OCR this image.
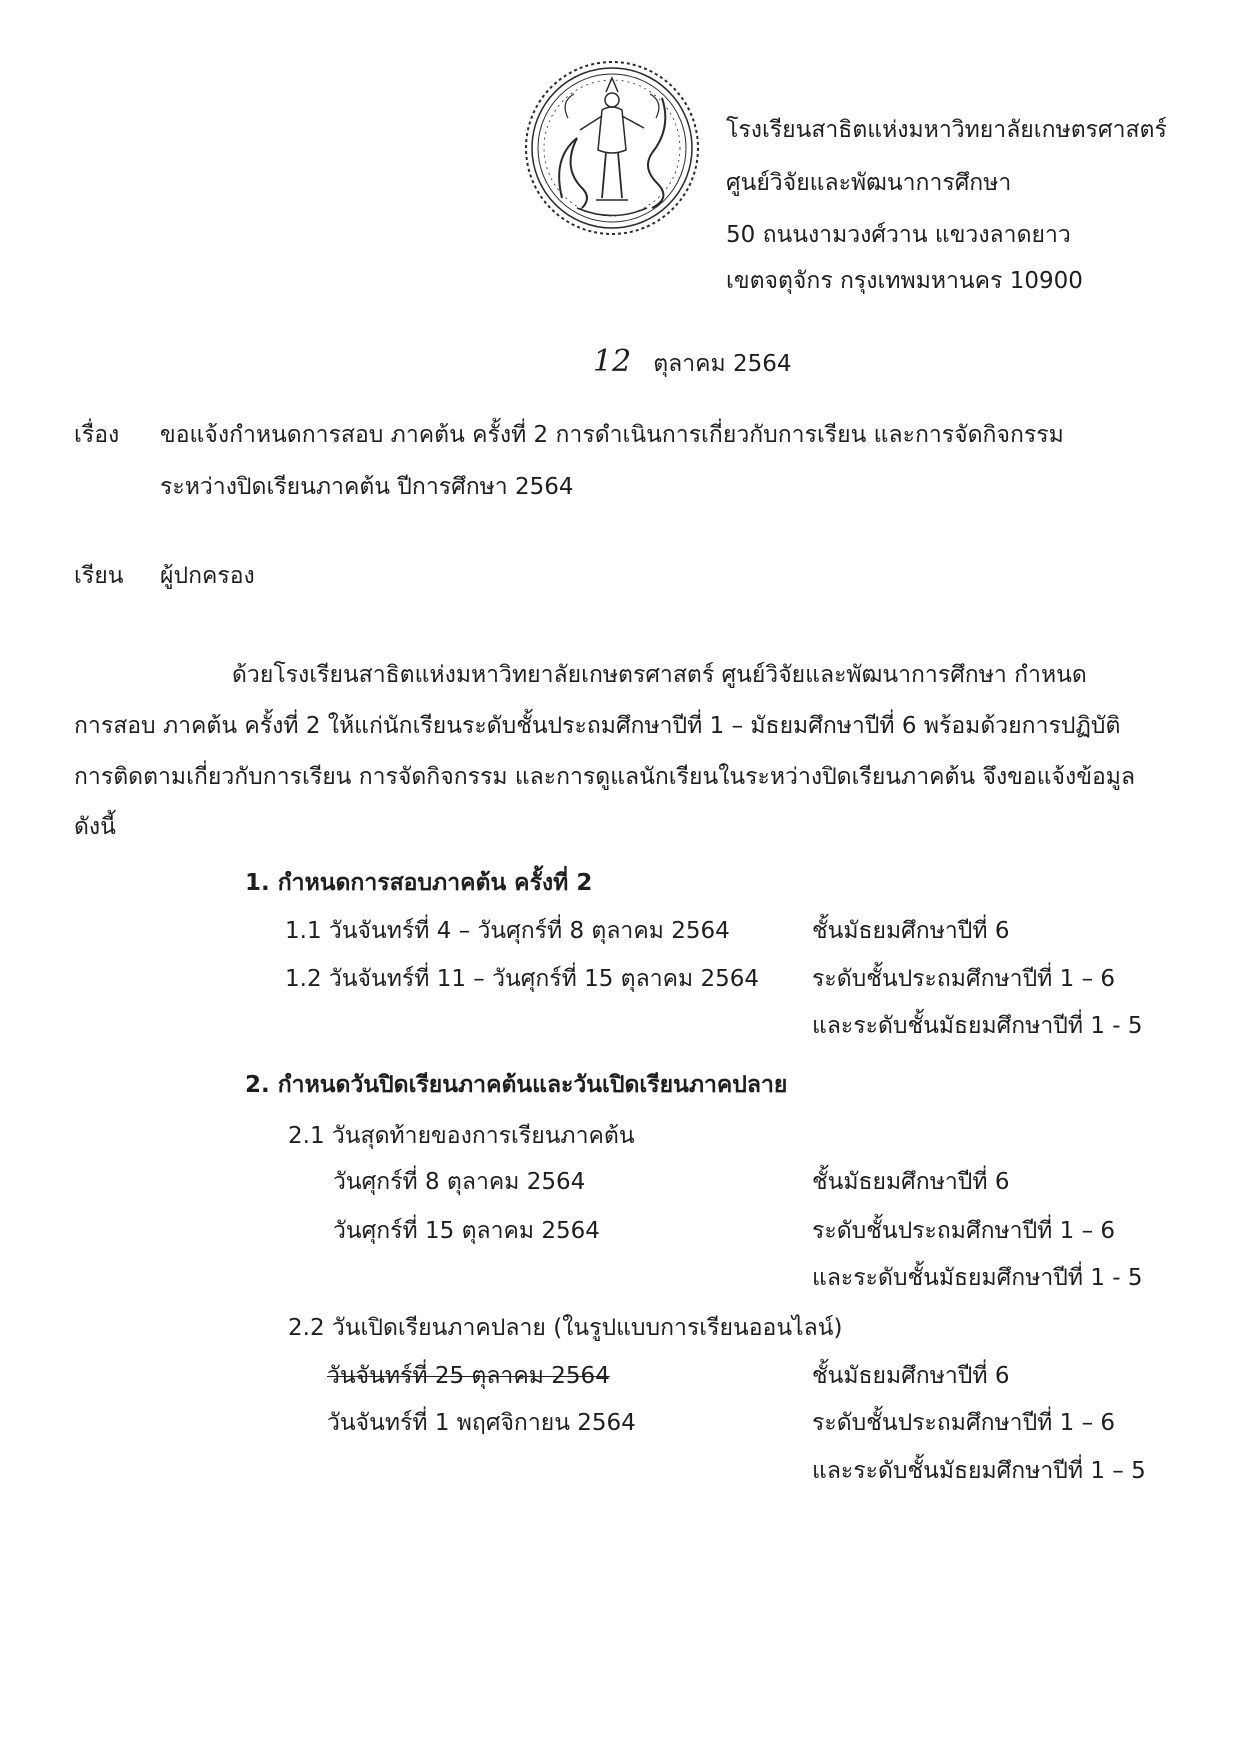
โรงเรียนสาธิตแห่งมหาวิทยาลัยเกษตรศาสตร์
ศูนย์วิจัยและพัฒนาการศึกษา
50 ถนนงามวงศ์วาน แขวงลาดยาว
เขตจตุจักร กรุงเทพมหานคร 10900
12 ตุลาคม 2564
เรื่อง ขอแจ้งกำหนดการสอบ ภาคต้น ครั้งที่ 2 การดำเนินการเกี่ยวกับการเรียน และการจัดกิจกรรม
ระหว่างปิดเรียนภาคต้น ปีการศึกษา 2564
เรียน ผู้ปกครอง
ด้วยโรงเรียนสาธิตแห่งมหาวิทยาลัยเกษตรศาสตร์ ศูนย์วิจัยและพัฒนาการศึกษา กำหนด
การสอบ ภาคต้น ครั้งที่ 2 ให้แก่นักเรียนระดับชั้นประถมศึกษาปีที่ 1 – มัธยมศึกษาปีที่ 6 พร้อมด้วยการปฏิบัติ
การติดตามเกี่ยวกับการเรียน การจัดกิจกรรม และการดูแลนักเรียนในระหว่างปิดเรียนภาคต้น จึงขอแจ้งข้อมูล
ดังนี้
1. กำหนดการสอบภาคต้น ครั้งที่ 2
1.1 วันจันทร์ที่ 4 – วันศุกร์ที่ 8 ตุลาคม 2564	ชั้นมัธยมศึกษาปีที่ 6
1.2 วันจันทร์ที่ 11 – วันศุกร์ที่ 15 ตุลาคม 2564 ระดับชั้นประถมศึกษาปีที่ 1 – 6
และระดับชั้นมัธยมศึกษาปีที่ 1 - 5
2. กำหนดวันปิดเรียนภาคต้นและวันเปิดเรียนภาคปลาย
2.1 วันสุดท้ายของการเรียนภาคต้น
วันศุกร์ที่ 8 ตุลาคม 2564	ชั้นมัธยมศึกษาปีที่ 6
วันศุกร์ที่ 15 ตุลาคม 2564	ระดับชั้นประถมศึกษาปีที่ 1 – 6
และระดับชั้นมัธยมศึกษาปีที่ 1 - 5
2.2 วันเปิดเรียนภาคปลาย (ในรูปแบบการเรียนออนไลน์)
วันจันทร์ที่ 25 ตุลาคม 2564	ชั้นมัธยมศึกษาปีที่ 6
วันจันทร์ที่ 1 พฤศจิกายน 2564	ระดับชั้นประถมศึกษาปีที่ 1 – 6
และระดับชั้นมัธยมศึกษาปีที่ 1 – 5
